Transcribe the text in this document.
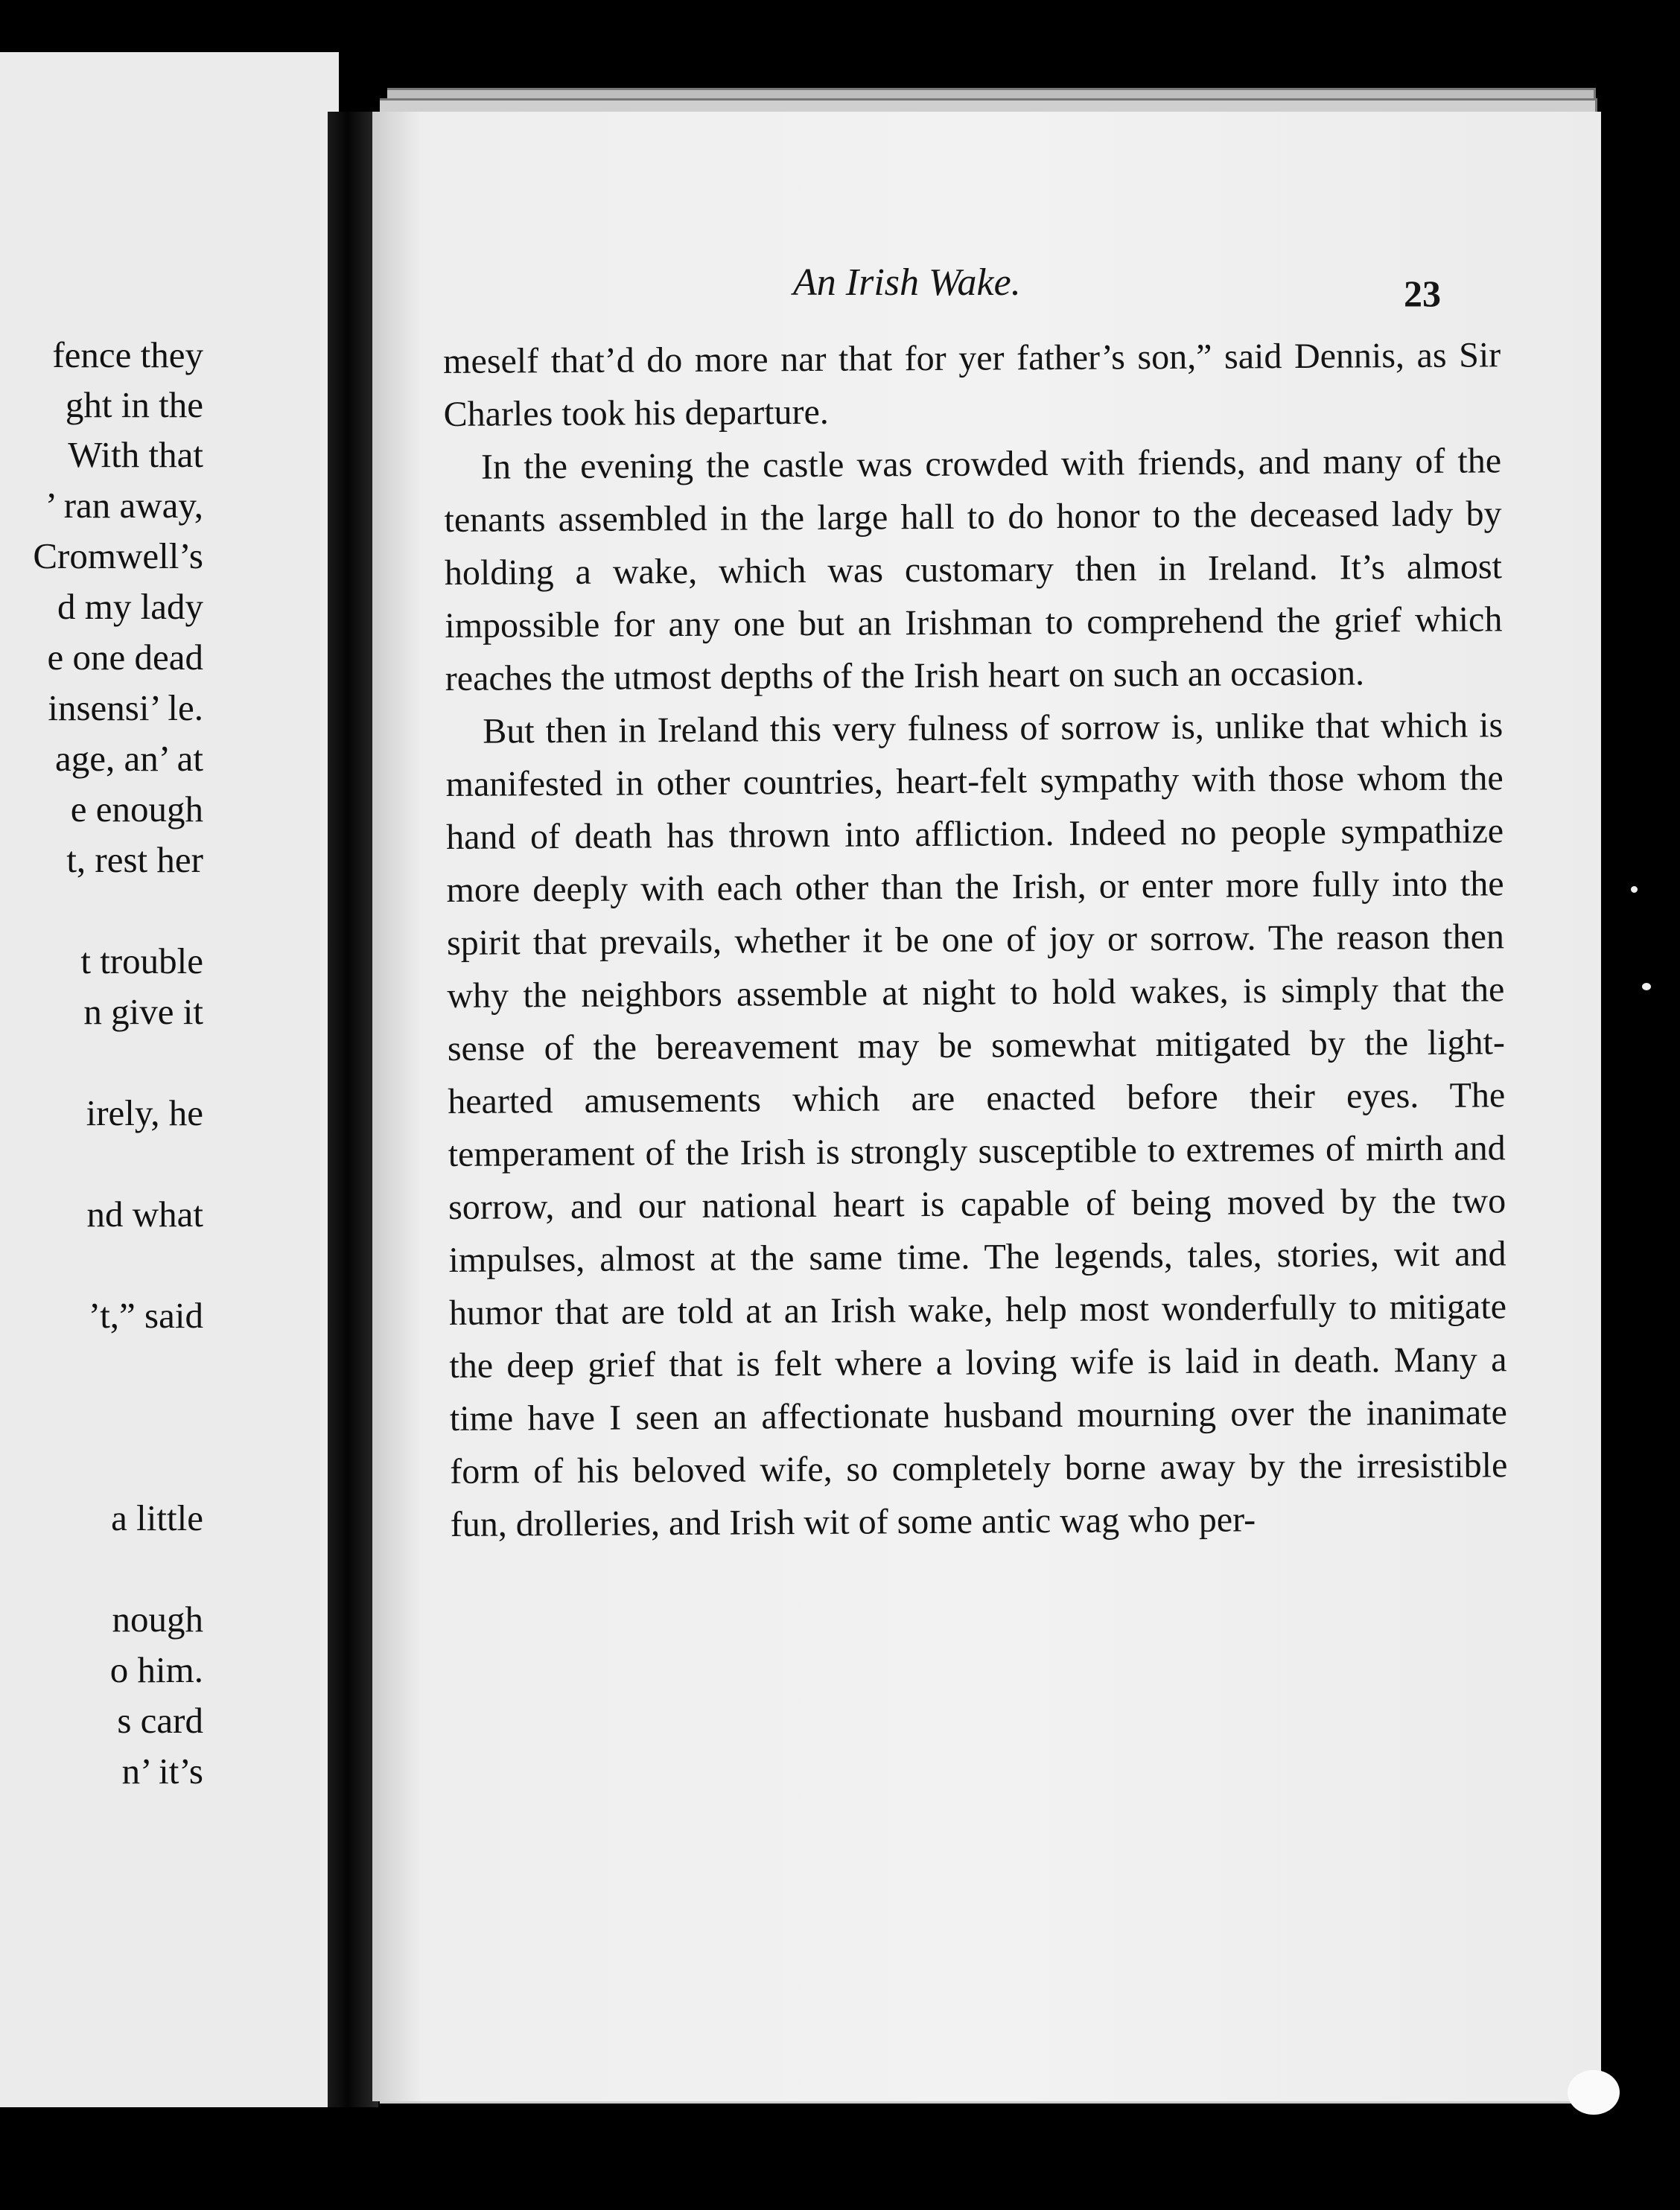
fence they
ght in the
With that
’ ran away,
Cromwell’s
d my lady
e one dead
insensi’ le.
age, an’ at
e enough
t, rest her
t trouble
n give it
irely, he
nd what
’t,” said
a little
nough
o him.
s card
n’ it’s
An Irish Wake.	23

meself that’d do more nar that for yer father’s son,” said Dennis, as Sir Charles took his departure.

In the evening the castle was crowded with friends, and many of the tenants assembled in the large hall to do honor to the deceased lady by holding a wake, which was customary then in Ireland. It’s almost impossible for any one but an Irishman to comprehend the grief which reaches the utmost depths of the Irish heart on such an occasion.

But then in Ireland this very fulness of sorrow is, unlike that which is manifested in other countries, heart-felt sympathy with those whom the hand of death has thrown into affliction. Indeed no people sympathize more deeply with each other than the Irish, or enter more fully into the spirit that prevails, whether it be one of joy or sorrow. The reason then why the neighbors assemble at night to hold wakes, is simply that the sense of the bereavement may be somewhat mitigated by the light-hearted amusements which are enacted before their eyes. The temperament of the Irish is strongly susceptible to extremes of mirth and sorrow, and our national heart is capable of being moved by the two impulses, almost at the same time. The legends, tales, stories, wit and humor that are told at an Irish wake, help most wonderfully to mitigate the deep grief that is felt where a loving wife is laid in death. Many a time have I seen an affectionate husband mourning over the inanimate form of his beloved wife, so completely borne away by the irresistible fun, drolleries, and Irish wit of some antic wag who per-
